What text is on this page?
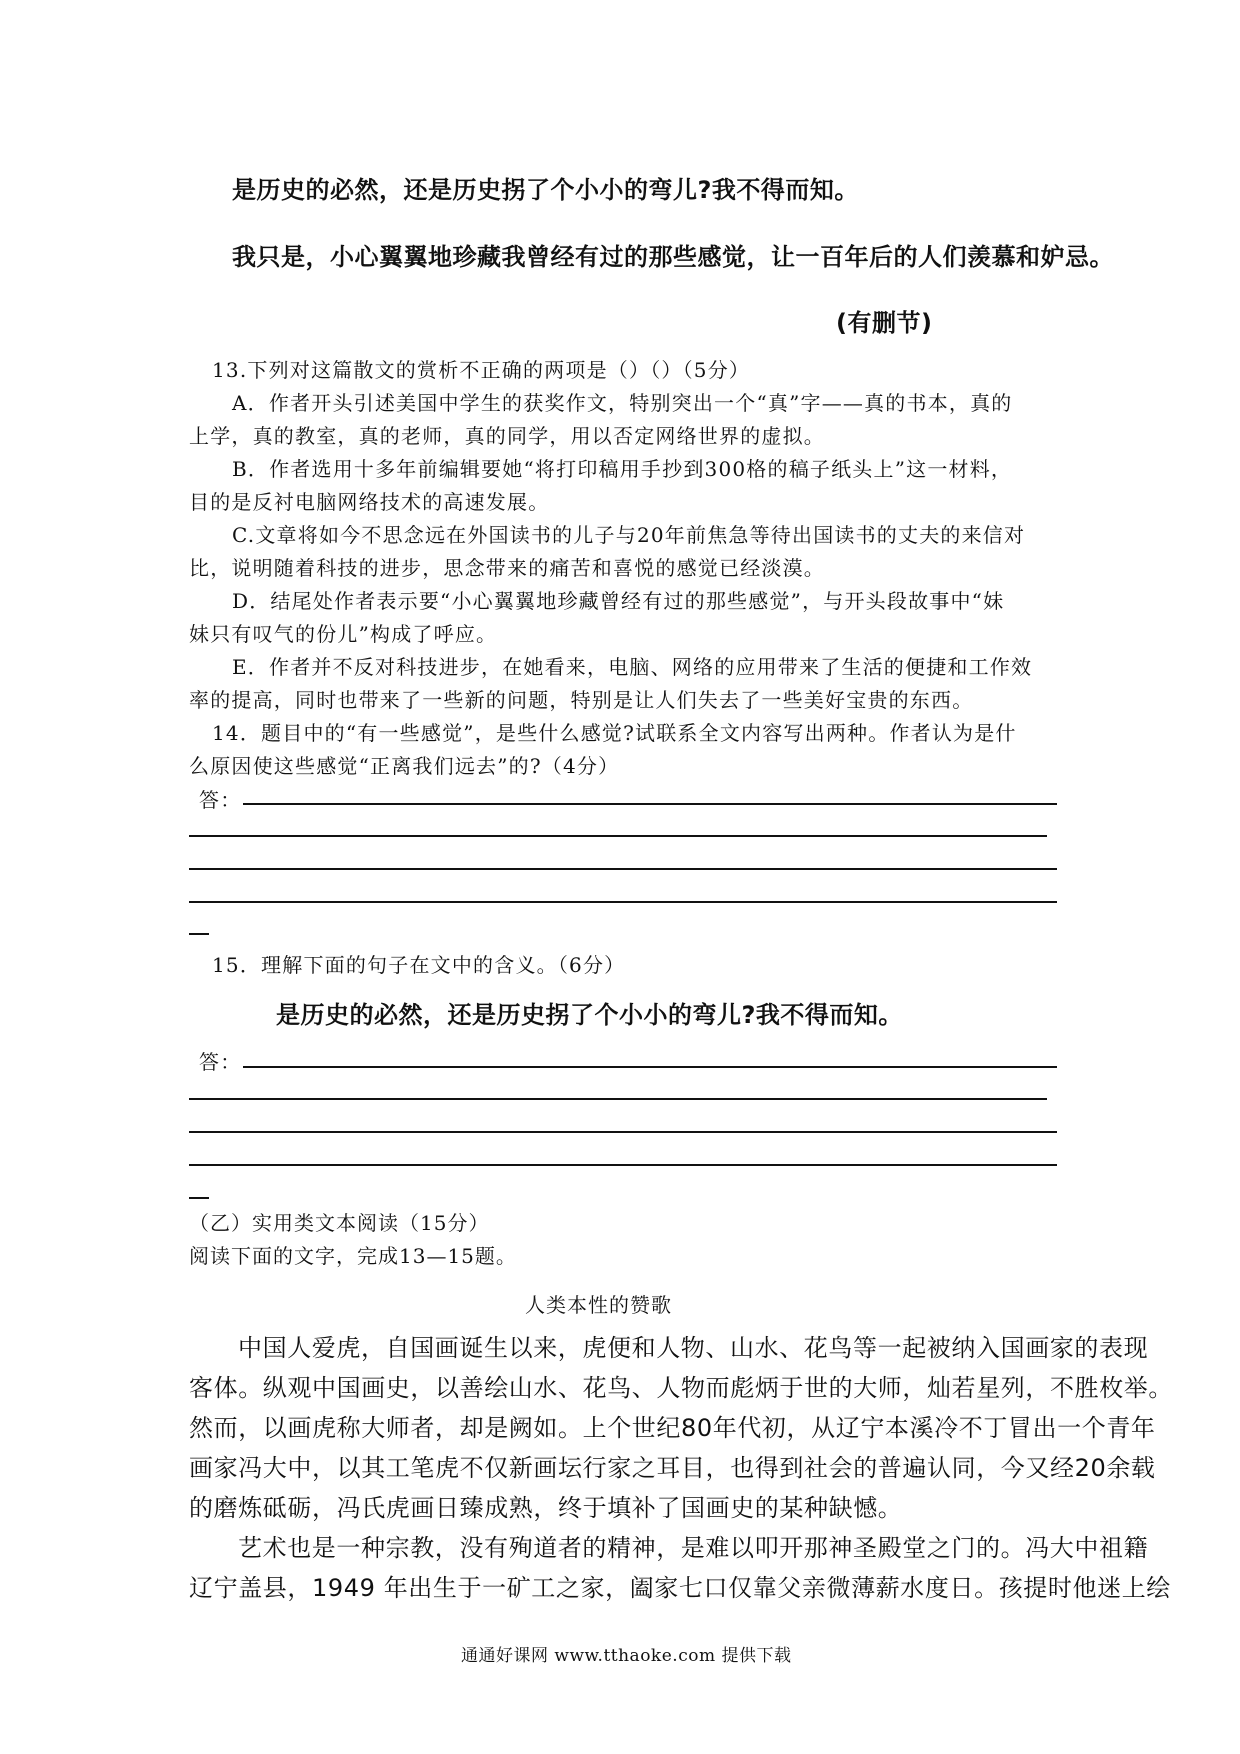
是历史的必然，还是历史拐了个小小的弯儿?我不得而知。
我只是，小心翼翼地珍藏我曾经有过的那些感觉，让一百年后的人们羡慕和妒忌。
(有删节)
13.下列对这篇散文的赏析不正确的两项是（）（）（5分）
A．作者开头引述美国中学生的获奖作文，特别突出一个“真”字——真的书本，真的
上学，真的教室，真的老师，真的同学，用以否定网络世界的虚拟。
B．作者选用十多年前编辑要她“将打印稿用手抄到300格的稿子纸头上”这一材料，
目的是反衬电脑网络技术的高速发展。
C.文章将如今不思念远在外国读书的儿子与20年前焦急等待出国读书的丈夫的来信对
比，说明随着科技的进步，思念带来的痛苦和喜悦的感觉已经淡漠。
D．结尾处作者表示要“小心翼翼地珍藏曾经有过的那些感觉”，与开头段故事中“妹
妹只有叹气的份儿”构成了呼应。
E．作者并不反对科技进步，在她看来，电脑、网络的应用带来了生活的便捷和工作效
率的提高，同时也带来了一些新的问题，特别是让人们失去了一些美好宝贵的东西。
14．题目中的“有一些感觉”，是些什么感觉?试联系全文内容写出两种。作者认为是什
么原因使这些感觉“正离我们远去”的?（4分）
答：
15．理解下面的句子在文中的含义。（6分）
是历史的必然，还是历史拐了个小小的弯儿?我不得而知。
答：
（乙）实用类文本阅读（15分）
阅读下面的文字，完成13—15题。
人类本性的赞歌
中国人爱虎，自国画诞生以来，虎便和人物、山水、花鸟等一起被纳入国画家的表现
客体。纵观中国画史，以善绘山水、花鸟、人物而彪炳于世的大师，灿若星列，不胜枚举。
然而，以画虎称大师者，却是阙如。上个世纪80年代初，从辽宁本溪冷不丁冒出一个青年
画家冯大中，以其工笔虎不仅新画坛行家之耳目，也得到社会的普遍认同，今又经20余载
的磨炼砥砺，冯氏虎画日臻成熟，终于填补了国画史的某种缺憾。
艺术也是一种宗教，没有殉道者的精神，是难以叩开那神圣殿堂之门的。冯大中祖籍
辽宁盖县，1949 年出生于一矿工之家，阖家七口仅靠父亲微薄薪水度日。孩提时他迷上绘
通通好课网 www.tthaoke.com 提供下载
